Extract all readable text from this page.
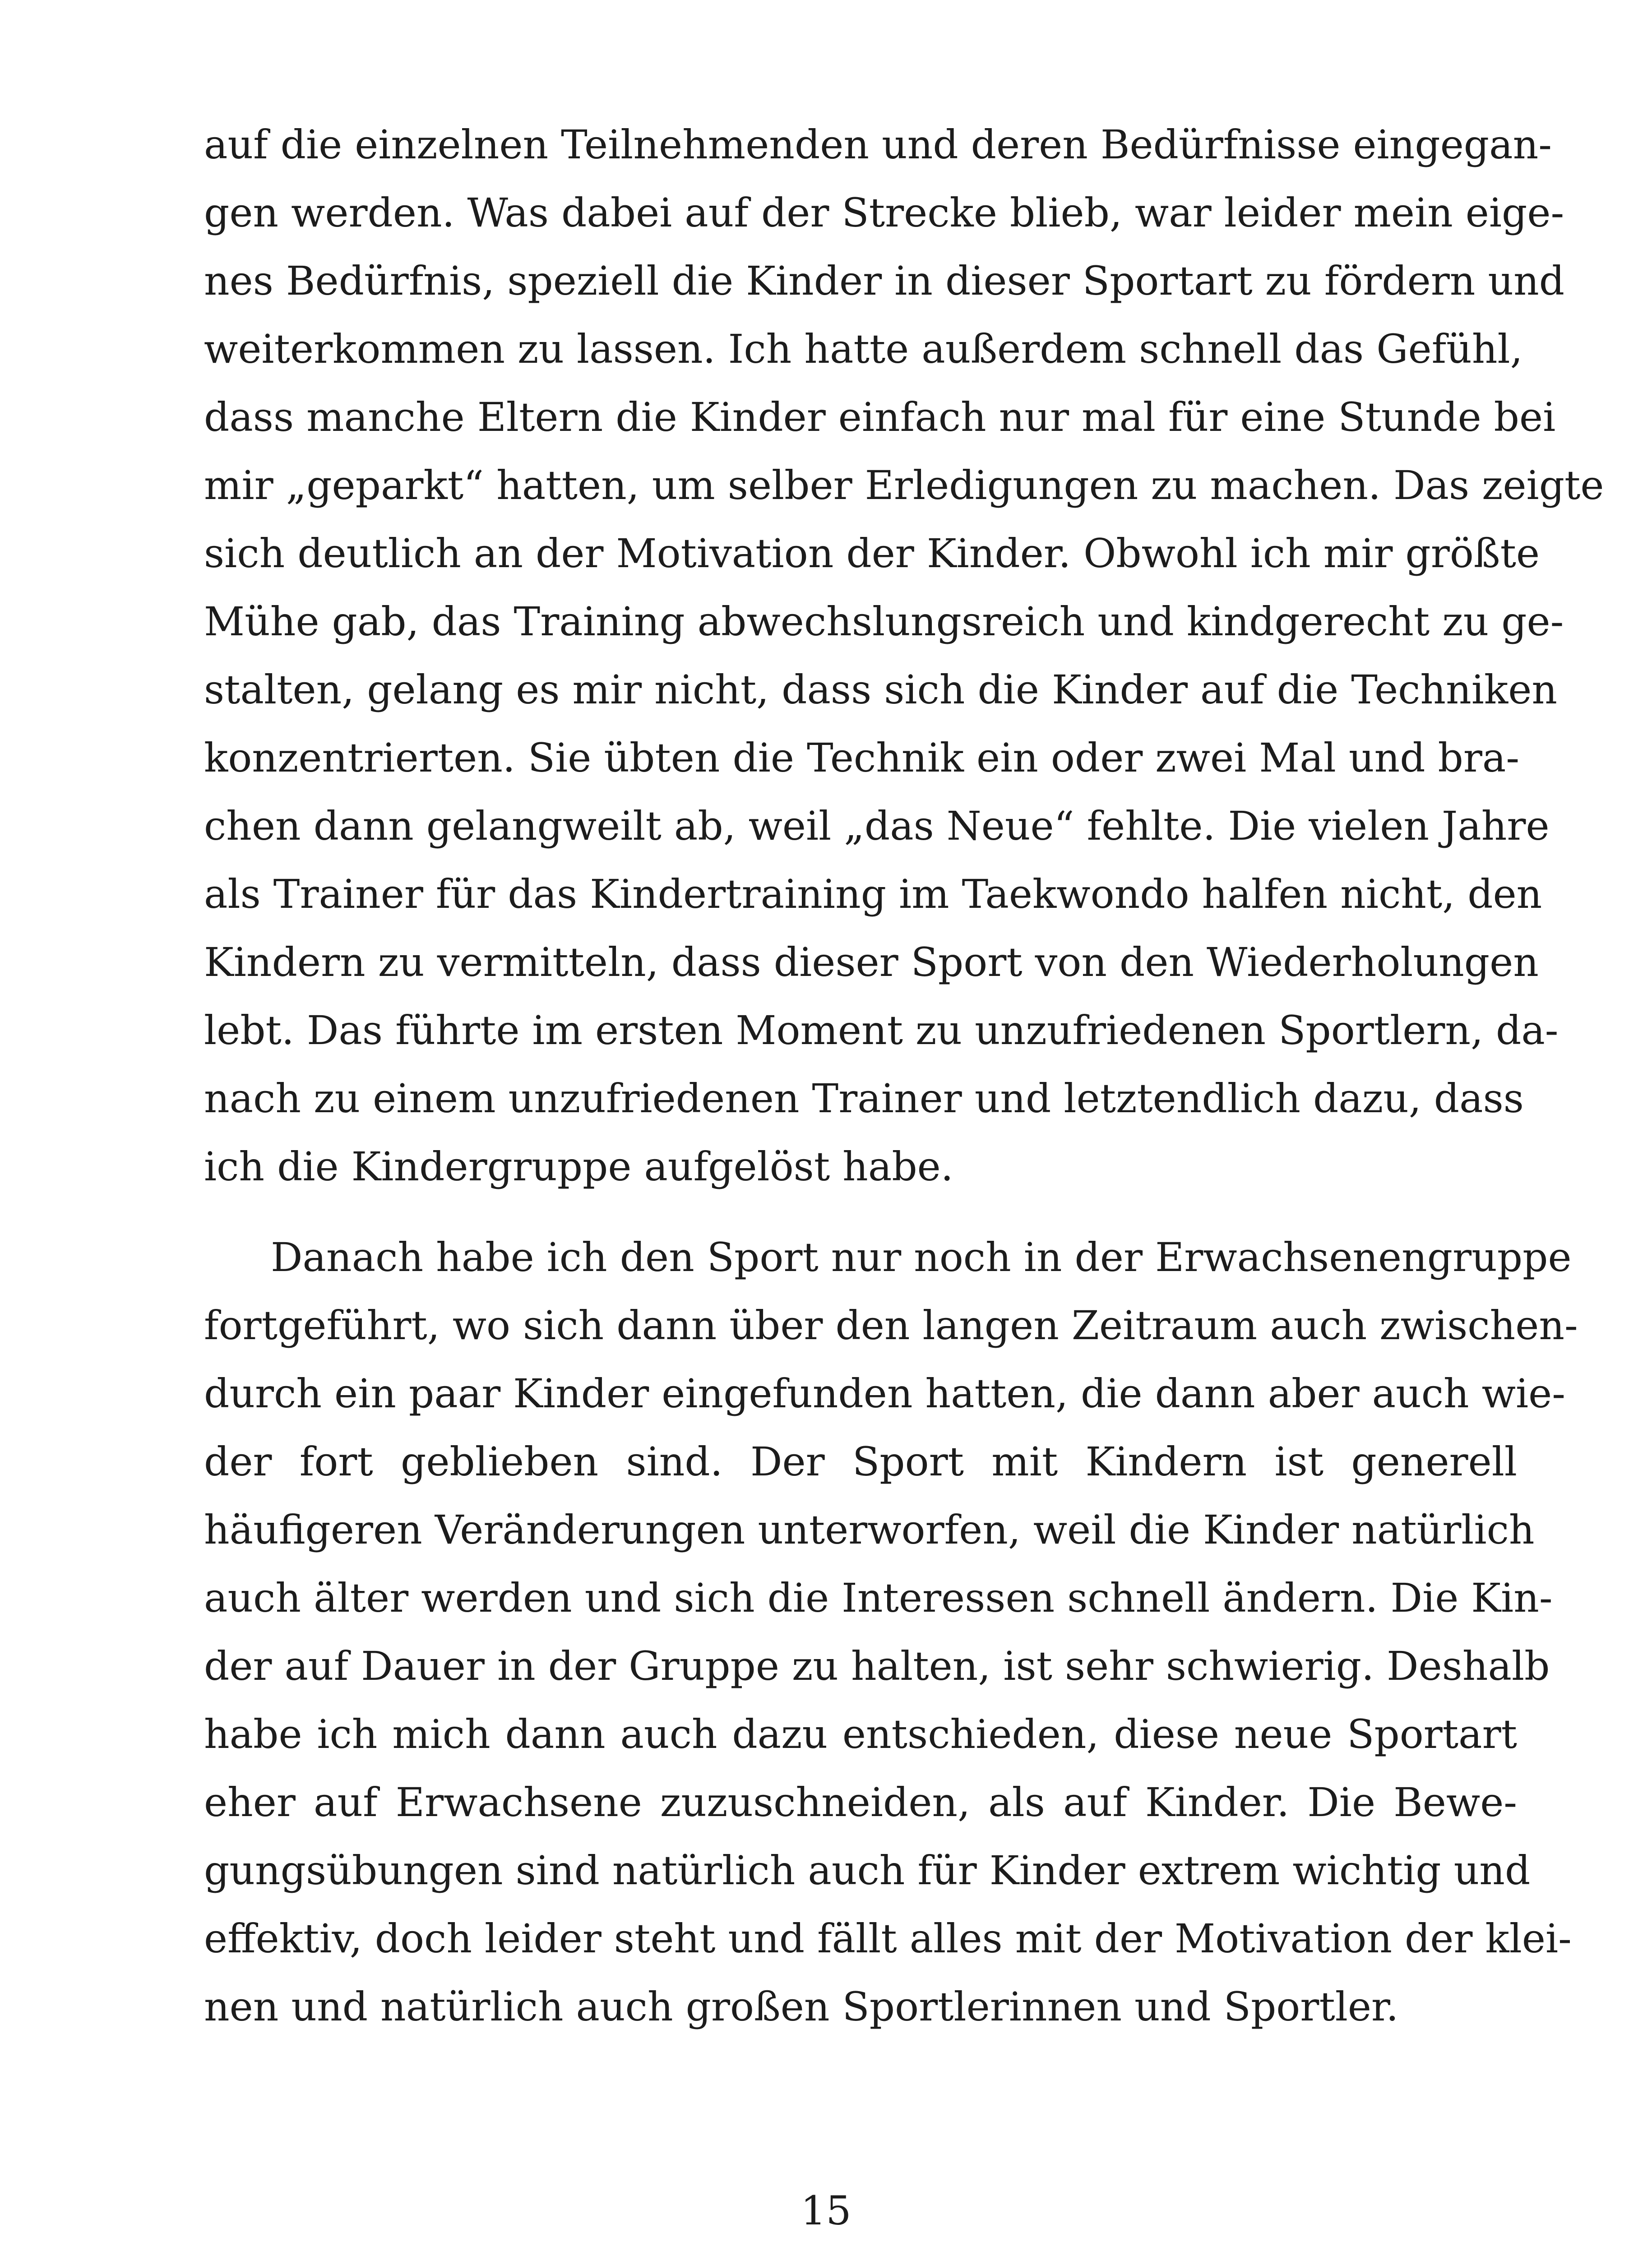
auf die einzelnen Teilnehmenden und deren Bedürfnisse eingegan-
gen werden. Was dabei auf der Strecke blieb, war leider mein eige-
nes Bedürfnis, speziell die Kinder in dieser Sportart zu fördern und
weiterkommen zu lassen. Ich hatte außerdem schnell das Gefühl,
dass manche Eltern die Kinder einfach nur mal für eine Stunde bei
mir „geparkt“ hatten, um selber Erledigungen zu machen. Das zeigte
sich deutlich an der Motivation der Kinder. Obwohl ich mir größte
Mühe gab, das Training abwechslungsreich und kindgerecht zu ge-
stalten, gelang es mir nicht, dass sich die Kinder auf die Techniken
konzentrierten. Sie übten die Technik ein oder zwei Mal und bra-
chen dann gelangweilt ab, weil „das Neue“ fehlte. Die vielen Jahre
als Trainer für das Kindertraining im Taekwondo halfen nicht, den
Kindern zu vermitteln, dass dieser Sport von den Wiederholungen
lebt. Das führte im ersten Moment zu unzufriedenen Sportlern, da-
nach zu einem unzufriedenen Trainer und letztendlich dazu, dass
ich die Kindergruppe aufgelöst habe.
Danach habe ich den Sport nur noch in der Erwachsenengruppe
fortgeführt, wo sich dann über den langen Zeitraum auch zwischen-
durch ein paar Kinder eingefunden hatten, die dann aber auch wie-
der fort geblieben sind. Der Sport mit Kindern ist generell
häufigeren Veränderungen unterworfen, weil die Kinder natürlich
auch älter werden und sich die Interessen schnell ändern. Die Kin-
der auf Dauer in der Gruppe zu halten, ist sehr schwierig. Deshalb
habe ich mich dann auch dazu entschieden, diese neue Sportart
eher auf Erwachsene zuzuschneiden, als auf Kinder. Die Bewe-
gungsübungen sind natürlich auch für Kinder extrem wichtig und
effektiv, doch leider steht und fällt alles mit der Motivation der klei-
nen und natürlich auch großen Sportlerinnen und Sportler.
15
